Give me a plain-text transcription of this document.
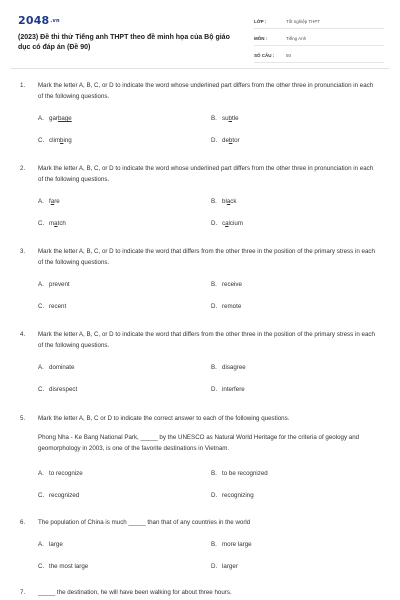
2048.vn
(2023) Đề thi thử Tiếng anh THPT theo đề minh họa của Bộ giáo dục có đáp án (Đề 90)
LỚP :	Tốt nghiệp THPT
MÔN :	Tiếng Anh
SỐ CÂU :	50
1. Mark the letter A, B, C, or D to indicate the word whose underlined part differs from the other three in pronunciation in each of the following questions.
A. garbage	B. subtle
C. climbing	D. debtor
2. Mark the letter A, B, C, or D to indicate the word whose underlined part differs from the other three in pronunciation in each of the following questions.
A. fare	B. black
C. match	D. calcium
3. Mark the letter A, B, C, or D to indicate the word that differs from the other three in the position of the primary stress in each of the following questions.
A. prevent	B. receive
C. recent	D. remote
4. Mark the letter A, B, C, or D to indicate the word that differs from the other three in the position of the primary stress in each of the following questions.
A. dominate	B. disagree
C. disrespect	D. interfere
5. Mark the letter A, B, C or D to indicate the correct answer to each of the following questions.
Phong Nha - Ke Bang National Park, _____ by the UNESCO as Natural World Heritage for the criteria of geology and geomorphology in 2003, is one of the favorite destinations in Vietnam.
A. to recognize	B. to be recognized
C. recognized	D. recognizing
6. The population of China is much _____ than that of any countries in the world
A. large	B. more large
C. the most large	D. larger
7. _____ the destination, he will have been walking for about three hours.
